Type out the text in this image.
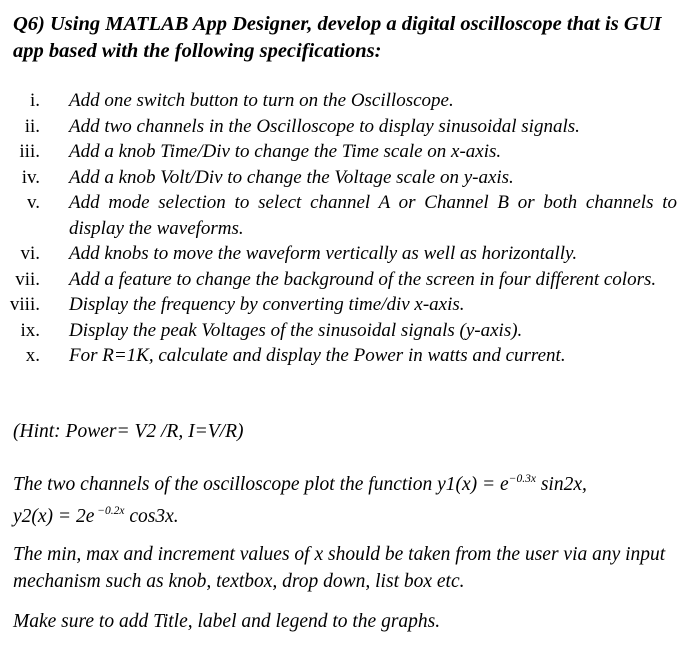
Q6) Using MATLAB App Designer, develop a digital oscilloscope that is GUI app based with the following specifications:

i. Add one switch button to turn on the Oscilloscope.
ii. Add two channels in the Oscilloscope to display sinusoidal signals.
iii. Add a knob Time/Div to change the Time scale on x-axis.
iv. Add a knob Volt/Div to change the Voltage scale on y-axis.
v. Add mode selection to select channel A or Channel B or both channels to display the waveforms.
vi. Add knobs to move the waveform vertically as well as horizontally.
vii. Add a feature to change the background of the screen in four different colors.
viii. Display the frequency by converting time/div x-axis.
ix. Display the peak Voltages of the sinusoidal signals (y-axis).
x. For R=1K, calculate and display the Power in watts and current.

(Hint: Power= V2 /R, I=V/R)

The two channels of the oscilloscope plot the function $y1(x) = e^{-0.3x}$ sin2x,
y2(x) = 2e $^{-0.2x}$ cos3x.

The min, max and increment values of x should be taken from the user via any input mechanism such as knob, textbox, drop down, list box etc.

Make sure to add Title, label and legend to the graphs.
